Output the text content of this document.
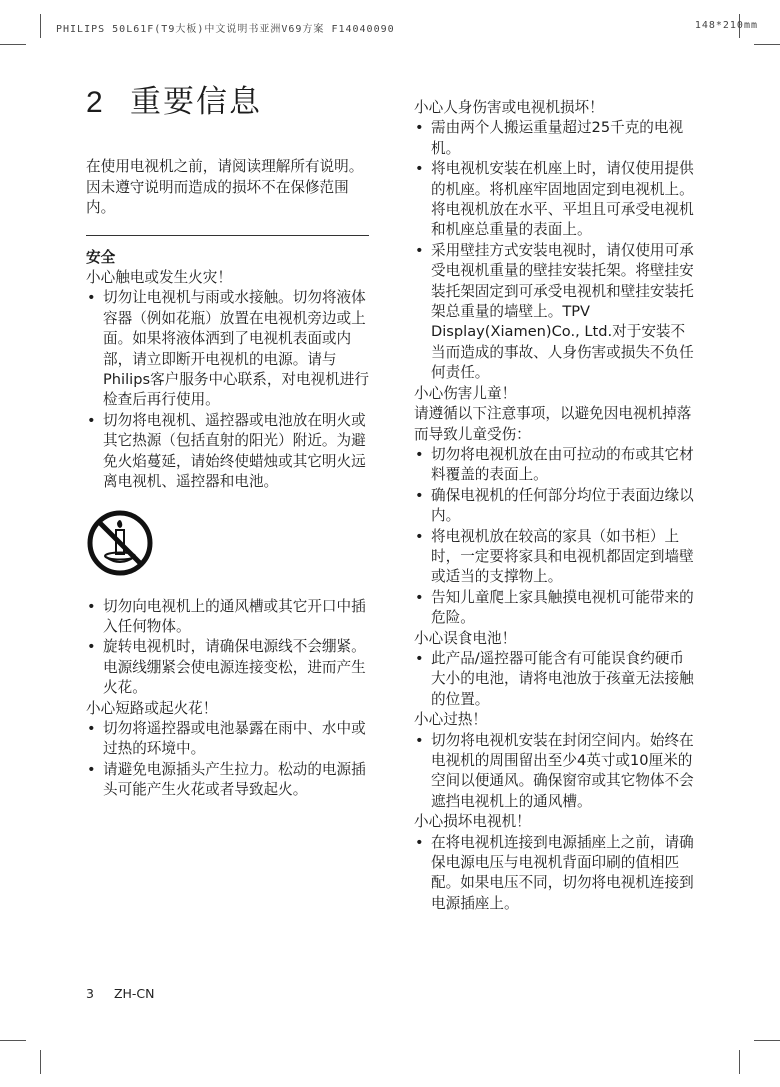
PHILIPS 50L61F(T9大板)中文说明书亚洲V69方案 F14040090	148*210mm
2 重要信息

在使用电视机之前，请阅读理解所有说明。因未遵守说明而造成的损坏不在保修范围内。

安全

小心触电或发生火灾！

• 切勿让电视机与雨或水接触。切勿将液体容器（例如花瓶）放置在电视机旁边或上面。如果将液体洒到了电视机表面或内部，请立即断开电视机的电源。请与Philips客户服务中心联系，对电视机进行检查后再行使用。
• 切勿将电视机、遥控器或电池放在明火或其它热源（包括直射的阳光）附近。为避免火焰蔓延，请始终使蜡烛或其它明火远离电视机、遥控器和电池。
• 切勿向电视机上的通风槽或其它开口中插入任何物体。
• 旋转电视机时，请确保电源线不会绷紧。电源线绷紧会使电源连接变松，进而产生火花。

小心短路或起火花！

• 切勿将遥控器或电池暴露在雨中、水中或过热的环境中。
• 请避免电源插头产生拉力。松动的电源插头可能产生火花或者导致起火。

小心人身伤害或电视机损坏！

• 需由两个人搬运重量超过25千克的电视机。
• 将电视机安装在机座上时，请仅使用提供的机座。将机座牢固地固定到电视机上。将电视机放在水平、平坦且可承受电视机和机座总重量的表面上。
• 采用壁挂方式安装电视时，请仅使用可承受电视机重量的壁挂安装托架。将壁挂安装托架固定到可承受电视机和壁挂安装托架总重量的墙壁上。TPV Display(Xiamen)Co., Ltd.对于安装不当而造成的事故、人身伤害或损失不负任何责任。

小心伤害儿童！

请遵循以下注意事项，以避免因电视机掉落而导致儿童受伤：

• 切勿将电视机放在由可拉动的布或其它材料覆盖的表面上。
• 确保电视机的任何部分均位于表面边缘以内。
• 将电视机放在较高的家具（如书柜）上时，一定要将家具和电视机都固定到墙壁或适当的支撑物上。
• 告知儿童爬上家具触摸电视机可能带来的危险。

小心误食电池！

• 此产品/遥控器可能含有可能误食约硬币大小的电池，请将电池放于孩童无法接触的位置。

小心过热！

• 切勿将电视机安装在封闭空间内。始终在电视机的周围留出至少4英寸或10厘米的空间以便通风。确保窗帘或其它物体不会遮挡电视机上的通风槽。

小心损坏电视机！

• 在将电视机连接到电源插座上之前，请确保电源电压与电视机背面印刷的值相匹配。如果电压不同，切勿将电视机连接到电源插座上。
3 ZH-CN
